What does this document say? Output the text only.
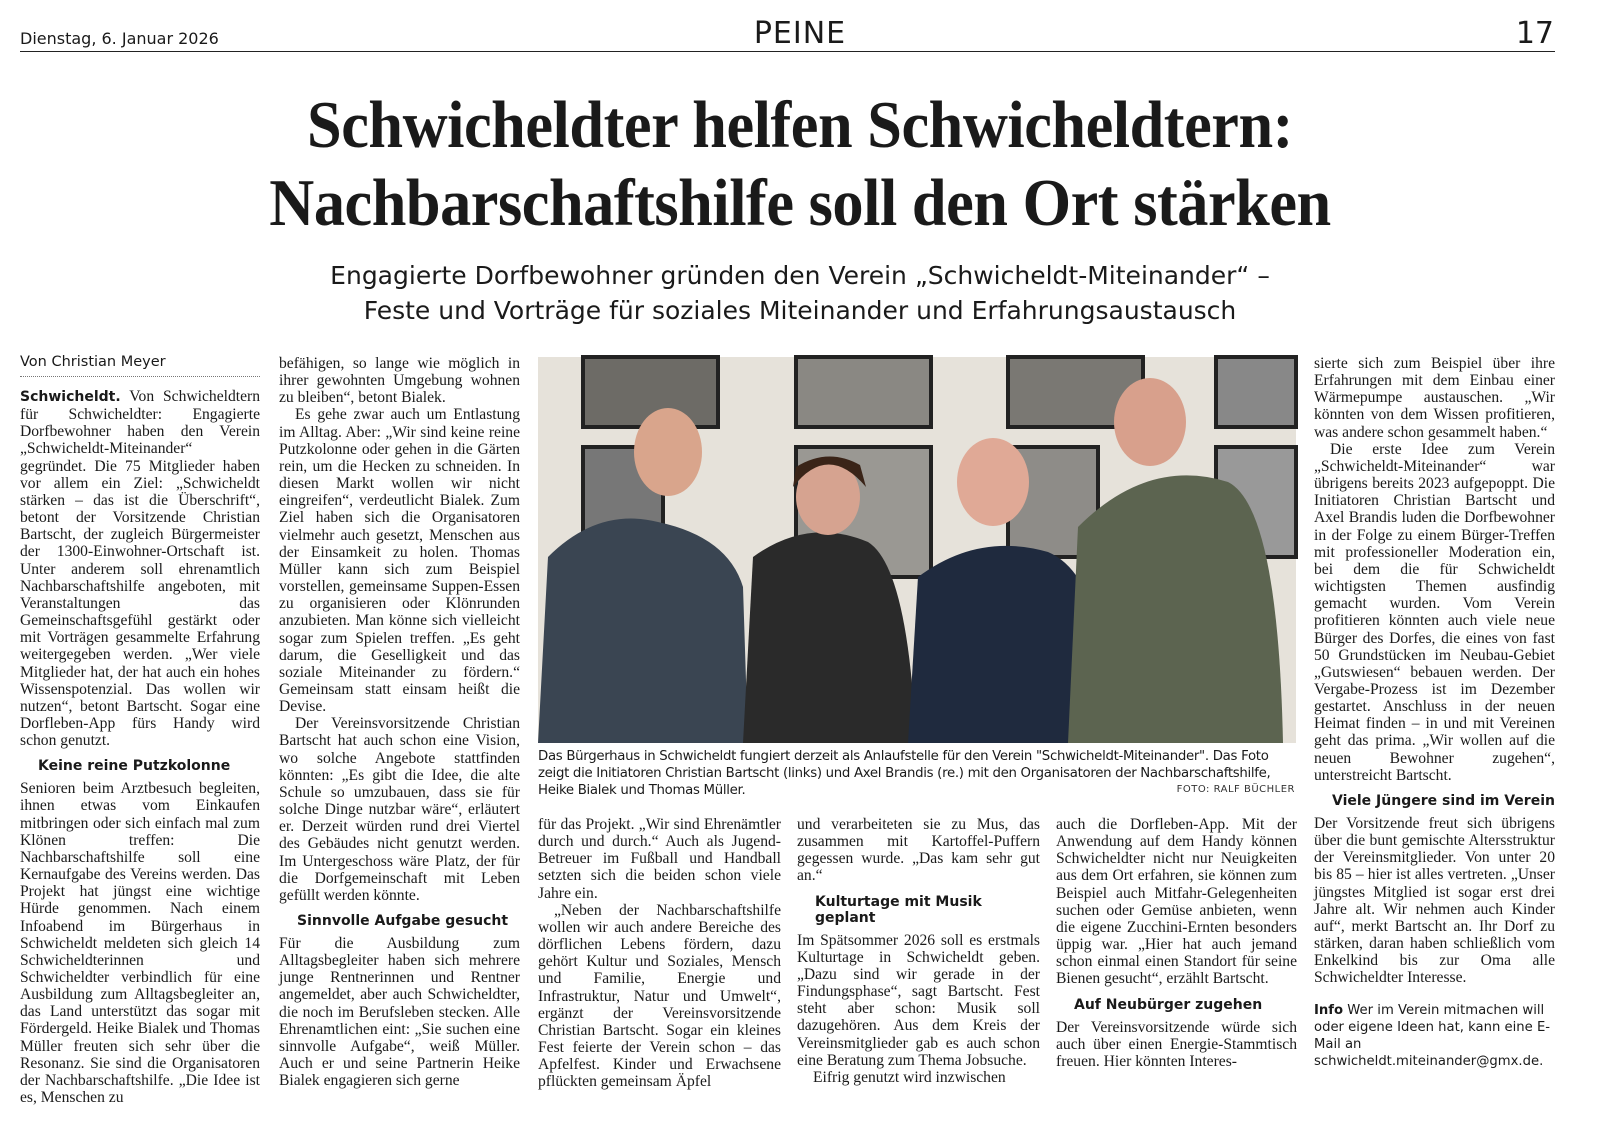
Dienstag, 6. Januar 2026	PEINE	17
Schwicheldter helfen Schwicheldtern:
Nachbarschaftshilfe soll den Ort stärken
Engagierte Dorfbewohner gründen den Verein „Schwicheldt-Miteinander“ –
Feste und Vorträge für soziales Miteinander und Erfahrungsaustausch
Von Christian Meyer

Schwicheldt. Von Schwicheldtern für Schwicheldter: Engagierte Dorfbewohner haben den Verein „Schwicheldt-Miteinander“ gegründet. Die 75 Mitglieder haben vor allem ein Ziel: „Schwicheldt stärken – das ist die Überschrift“, betont der Vorsitzende Christian Bartscht, der zugleich Bürgermeister der 1300-Einwohner-Ortschaft ist. Unter anderem soll ehrenamtlich Nachbarschaftshilfe angeboten, mit Veranstaltungen das Gemeinschaftsgefühl gestärkt oder mit Vorträgen gesammelte Erfahrung weitergegeben werden. „Wer viele Mitglieder hat, der hat auch ein hohes Wissenspotenzial. Das wollen wir nutzen“, betont Bartscht. Sogar eine Dorfleben-App fürs Handy wird schon genutzt.

Keine reine Putzkolonne

Senioren beim Arztbesuch begleiten, ihnen etwas vom Einkaufen mitbringen oder sich einfach mal zum Klönen treffen: Die Nachbarschaftshilfe soll eine Kernaufgabe des Vereins werden. Das Projekt hat jüngst eine wichtige Hürde genommen. Nach einem Infoabend im Bürgerhaus in Schwicheldt meldeten sich gleich 14 Schwicheldterinnen und Schwicheldter verbindlich für eine Ausbildung zum Alltagsbegleiter an, das Land unterstützt das sogar mit Fördergeld. Heike Bialek und Thomas Müller freuten sich sehr über die Resonanz. Sie sind die Organisatoren der Nachbarschaftshilfe. „Die Idee ist es, Menschen zu

befähigen, so lange wie möglich in ihrer gewohnten Umgebung wohnen zu bleiben“, betont Bialek.

Es gehe zwar auch um Entlastung im Alltag. Aber: „Wir sind keine reine Putzkolonne oder gehen in die Gärten rein, um die Hecken zu schneiden. In diesen Markt wollen wir nicht eingreifen“, verdeutlicht Bialek. Zum Ziel haben sich die Organisatoren vielmehr auch gesetzt, Menschen aus der Einsamkeit zu holen. Thomas Müller kann sich zum Beispiel vorstellen, gemeinsame Suppen-Essen zu organisieren oder Klönrunden anzubieten. Man könne sich vielleicht sogar zum Spielen treffen. „Es geht darum, die Geselligkeit und das soziale Miteinander zu fördern.“ Gemeinsam statt einsam heißt die Devise.

Der Vereinsvorsitzende Christian Bartscht hat auch schon eine Vision, wo solche Angebote stattfinden könnten: „Es gibt die Idee, die alte Schule so umzubauen, dass sie für solche Dinge nutzbar wäre“, erläutert er. Derzeit würden rund drei Viertel des Gebäudes nicht genutzt werden. Im Untergeschoss wäre Platz, der für die Dorfgemeinschaft mit Leben gefüllt werden könnte.

Sinnvolle Aufgabe gesucht

Für die Ausbildung zum Alltagsbegleiter haben sich mehrere junge Rentnerinnen und Rentner angemeldet, aber auch Schwicheldter, die noch im Berufsleben stecken. Alle Ehrenamtlichen eint: „Sie suchen eine sinnvolle Aufgabe“, weiß Müller. Auch er und seine Partnerin Heike Bialek engagieren sich gerne

Das Bürgerhaus in Schwicheldt fungiert derzeit als Anlaufstelle für den Verein "Schwicheldt-Miteinander". Das Foto zeigt die Initiatoren Christian Bartscht (links) und Axel Brandis (re.) mit den Organisatoren der Nachbarschaftshilfe, Heike Bialek und Thomas Müller.	FOTO: RALF BÜCHLER

für das Projekt. „Wir sind Ehrenämtler durch und durch.“ Auch als Jugend-Betreuer im Fußball und Handball setzten sich die beiden schon viele Jahre ein.

„Neben der Nachbarschaftshilfe wollen wir auch andere Bereiche des dörflichen Lebens fördern, dazu gehört Kultur und Soziales, Mensch und Familie, Energie und Infrastruktur, Natur und Umwelt“, ergänzt der Vereinsvorsitzende Christian Bartscht. Sogar ein kleines Fest feierte der Verein schon – das Apfelfest. Kinder und Erwachsene pflückten gemeinsam Äpfel

und verarbeiteten sie zu Mus, das zusammen mit Kartoffel-Puffern gegessen wurde. „Das kam sehr gut an.“

Kulturtage mit Musik geplant

Im Spätsommer 2026 soll es erstmals Kulturtage in Schwicheldt geben. „Dazu sind wir gerade in der Findungsphase“, sagt Bartscht. Fest steht aber schon: Musik soll dazugehören. Aus dem Kreis der Vereinsmitglieder gab es auch schon eine Beratung zum Thema Jobsuche.

Eifrig genutzt wird inzwischen

auch die Dorfleben-App. Mit der Anwendung auf dem Handy können Schwicheldter nicht nur Neuigkeiten aus dem Ort erfahren, sie können zum Beispiel auch Mitfahr-Gelegenheiten suchen oder Gemüse anbieten, wenn die eigene Zucchini-Ernten besonders üppig war. „Hier hat auch jemand schon einmal einen Standort für seine Bienen gesucht“, erzählt Bartscht.

Auf Neubürger zugehen

Der Vereinsvorsitzende würde sich auch über einen Energie-Stammtisch freuen. Hier könnten Interes-

sierte sich zum Beispiel über ihre Erfahrungen mit dem Einbau einer Wärmepumpe austauschen. „Wir könnten von dem Wissen profitieren, was andere schon gesammelt haben.“

Die erste Idee zum Verein „Schwicheldt-Miteinander“ war übrigens bereits 2023 aufgepoppt. Die Initiatoren Christian Bartscht und Axel Brandis luden die Dorfbewohner in der Folge zu einem Bürger-Treffen mit professioneller Moderation ein, bei dem die für Schwicheldt wichtigsten Themen ausfindig gemacht wurden. Vom Verein profitieren könnten auch viele neue Bürger des Dorfes, die eines von fast 50 Grundstücken im Neubau-Gebiet „Gutswiesen“ bebauen werden. Der Vergabe-Prozess ist im Dezember gestartet. Anschluss in der neuen Heimat finden – in und mit Vereinen geht das prima. „Wir wollen auf die neuen Bewohner zugehen“, unterstreicht Bartscht.

Viele Jüngere sind im Verein

Der Vorsitzende freut sich übrigens über die bunt gemischte Altersstruktur der Vereinsmitglieder. Von unter 20 bis 85 – hier ist alles vertreten. „Unser jüngstes Mitglied ist sogar erst drei Jahre alt. Wir nehmen auch Kinder auf“, merkt Bartscht an. Ihr Dorf zu stärken, daran haben schließlich vom Enkelkind bis zur Oma alle Schwicheldter Interesse.

Info Wer im Verein mitmachen will oder eigene Ideen hat, kann eine E-Mail an schwicheldt.miteinander@gmx.de.
